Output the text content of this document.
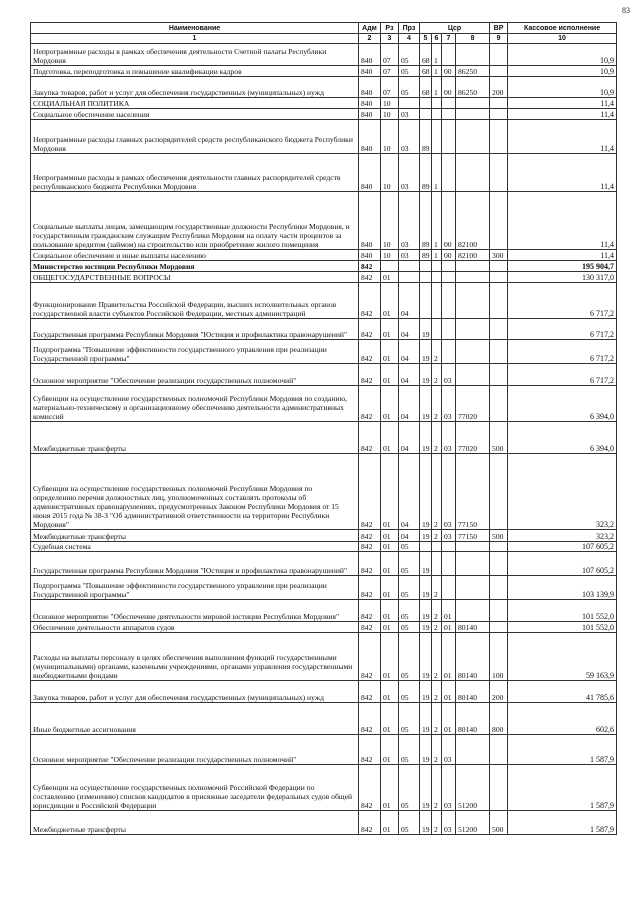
83
Наименование	Адм	Рз	Прз	Цср				ВР	Кассовое исполнение
1	2	3	4	5	6	7	8	9	10
Непрограммные расходы в рамках обеспечения деятельности Счетной палаты Республики Мордовия	840	07	05	68	1				10,9
Подготовка, переподготовка и повышение квалификации кадров	840	07	05	68	1	00	86250		10,9
Закупка товаров, работ и услуг для обеспечения государственных (муниципальных) нужд	840	07	05	68	1	00	86250	200	10,9
СОЦИАЛЬНАЯ ПОЛИТИКА	840	10							11,4
Социальное обеспечение населения	840	10	03						11,4
Непрограммные расходы главных распорядителей средств республиканского бюджета Республики Мордовия	840	10	03	89					11,4
Непрограммные расходы в рамках обеспечения деятельности главных распорядителей средств республиканского бюджета Республики Мордовия	840	10	03	89	1				11,4
Социальные выплаты лицам, замещающим государственные должности Республики Мордовия, и государственным гражданским служащим Республики Мордовия на оплату части процентов за пользование кредитом (займом) на строительство или приобретение жилого помещения	840	10	03	89	1	00	82100		11,4
Социальное обеспечение и иные выплаты населению	840	10	03	89	1	00	82100	300	11,4
Министерство юстиции Республики Мордовия	842								195 904,7
ОБЩЕГОСУДАРСТВЕННЫЕ ВОПРОСЫ	842	01							130 317,0
Функционирование Правительства Российской Федерации, высших исполнительных органов государственной власти субъектов Российской Федерации, местных администраций	842	01	04						6 717,2
Государственная программа Республики Мордовия "Юстиция и профилактика правонарушений"	842	01	04	19					6 717,2
Подпрограмма "Повышение эффективности государственного управления при реализации Государственной программы"	842	01	04	19	2				6 717,2
Основное мероприятие "Обеспечение реализации государственных полномочий"	842	01	04	19	2	03			6 717,2
Субвенции на осуществление государственных полномочий Республики Мордовия по созданию, материально-техническому и организационному обеспечению деятельности административных комиссий	842	01	04	19	2	03	77020		6 394,0
Межбюджетные трансферты	842	01	04	19	2	03	77020	500	6 394,0
Субвенции на осуществление государственных полномочий Республики Мордовия по определению перечня должностных лиц, уполномоченных составлять протоколы об административных правонарушениях, предусмотренных Законом Республики Мордовия от 15 июня 2015 года № 38-З "Об административной ответственности на территории Республики Мордовия"	842	01	04	19	2	03	77150		323,2
Межбюджетные трансферты	842	01	04	19	2	03	77150	500	323,2
Судебная система	842	01	05						107 605,2
Государственная программа Республики Мордовия "Юстиция и профилактика правонарушений"	842	01	05	19					107 605,2
Подпрограмма "Повышение эффективности государственного управления при реализации Государственной программы"	842	01	05	19	2				103 139,9
Основное мероприятие "Обеспечение деятельности мировой юстиции Республики Мордовия"	842	01	05	19	2	01			101 552,0
Обеспечение деятельности аппаратов судов	842	01	05	19	2	01	80140		101 552,0
Расходы на выплаты персоналу в целях обеспечения выполнения функций государственными (муниципальными) органами, казенными учреждениями, органами управления государственными внебюджетными фондами	842	01	05	19	2	01	80140	100	59 163,9
Закупка товаров, работ и услуг для обеспечения государственных (муниципальных) нужд	842	01	05	19	2	01	80140	200	41 785,6
Иные бюджетные ассигнования	842	01	05	19	2	01	80140	800	602,6
Основное мероприятие "Обеспечение реализации государственных полномочий"	842	01	05	19	2	03			1 587,9
Субвенции на осуществление государственных полномочий Российской Федерации по составлению (изменению) списков кандидатов в присяжные заседатели федеральных судов общей юрисдикции в Российской Федерации	842	01	05	19	2	03	51200		1 587,9
Межбюджетные трансферты	842	01	05	19	2	03	51200	500	1 587,9
